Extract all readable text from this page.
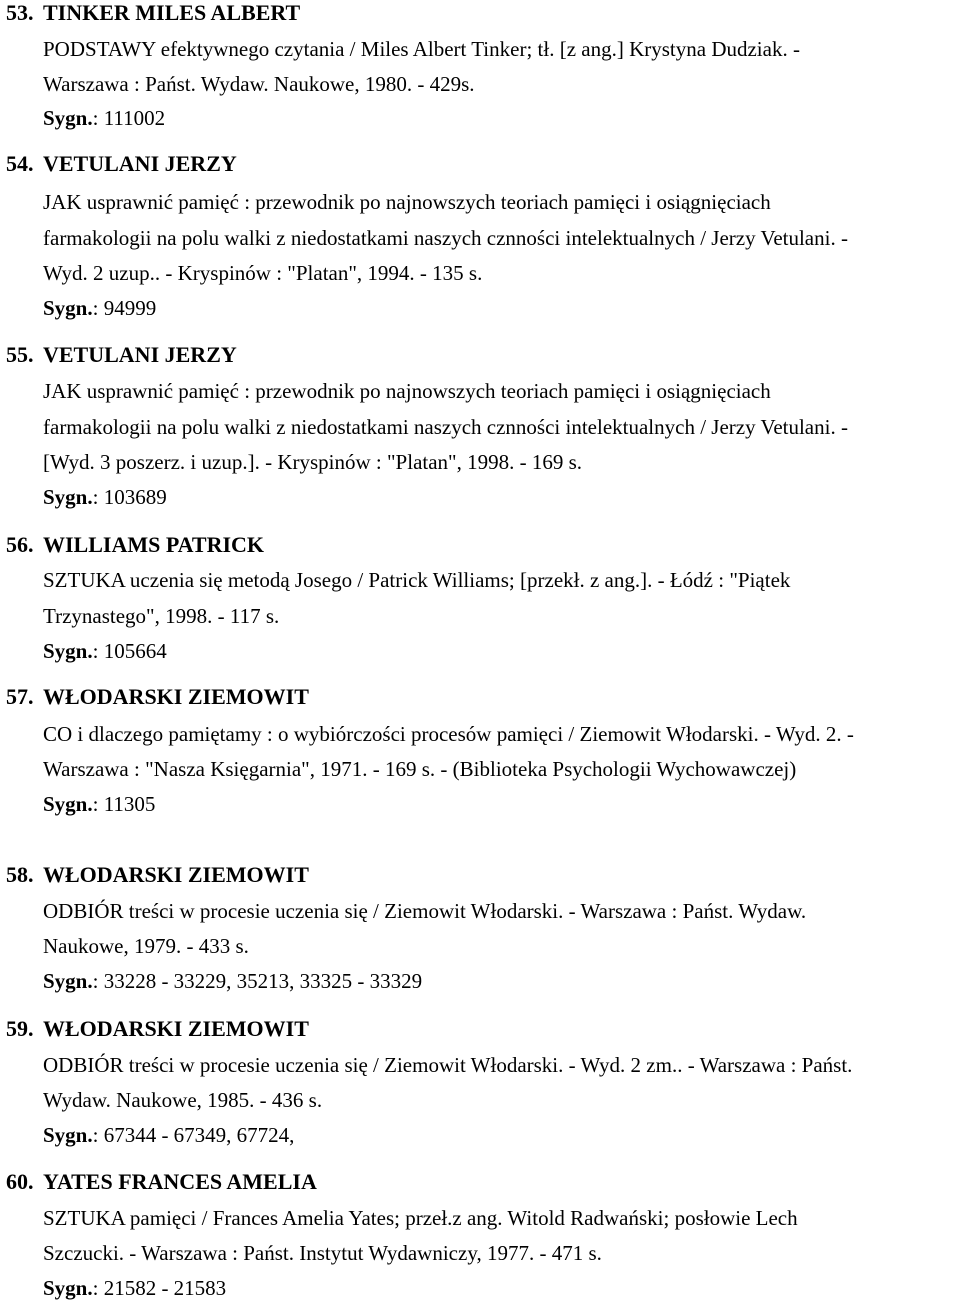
53. TINKER MILES ALBERT
PODSTAWY efektywnego czytania / Miles Albert Tinker; tł. [z ang.] Krystyna Dudziak. -
Warszawa : Państ. Wydaw. Naukowe, 1980. - 429s.
Sygn.: 111002
54. VETULANI JERZY
JAK usprawnić pamięć : przewodnik po najnowszych teoriach pamięci i osiągnięciach
farmakologii na polu walki z niedostatkami naszych cznności intelektualnych / Jerzy Vetulani. -
Wyd. 2 uzup.. - Kryspinów : "Platan", 1994. - 135 s.
Sygn.: 94999
55. VETULANI JERZY
JAK usprawnić pamięć : przewodnik po najnowszych teoriach pamięci i osiągnięciach
farmakologii na polu walki z niedostatkami naszych cznności intelektualnych / Jerzy Vetulani. -
[Wyd. 3 poszerz. i uzup.]. - Kryspinów : "Platan", 1998. - 169 s.
Sygn.: 103689
56. WILLIAMS PATRICK
SZTUKA uczenia się metodą Josego / Patrick Williams; [przekł. z ang.]. - Łódź : "Piątek
Trzynastego", 1998. - 117 s.
Sygn.: 105664
57. WŁODARSKI ZIEMOWIT
CO i dlaczego pamiętamy : o wybiórczości procesów pamięci / Ziemowit Włodarski. - Wyd. 2. -
Warszawa : "Nasza Księgarnia", 1971. - 169 s. - (Biblioteka Psychologii Wychowawczej)
Sygn.: 11305
58. WŁODARSKI ZIEMOWIT
ODBIÓR treści w procesie uczenia się / Ziemowit Włodarski. - Warszawa : Państ. Wydaw.
Naukowe, 1979. - 433 s.
Sygn.: 33228 - 33229, 35213, 33325 - 33329
59. WŁODARSKI ZIEMOWIT
ODBIÓR treści w procesie uczenia się / Ziemowit Włodarski. - Wyd. 2 zm.. - Warszawa : Państ.
Wydaw. Naukowe, 1985. - 436 s.
Sygn.: 67344 - 67349, 67724,
60. YATES FRANCES AMELIA
SZTUKA pamięci / Frances Amelia Yates; przeł.z ang. Witold Radwański; posłowie Lech
Szczucki. - Warszawa : Państ. Instytut Wydawniczy, 1977. - 471 s.
Sygn.: 21582 - 21583
